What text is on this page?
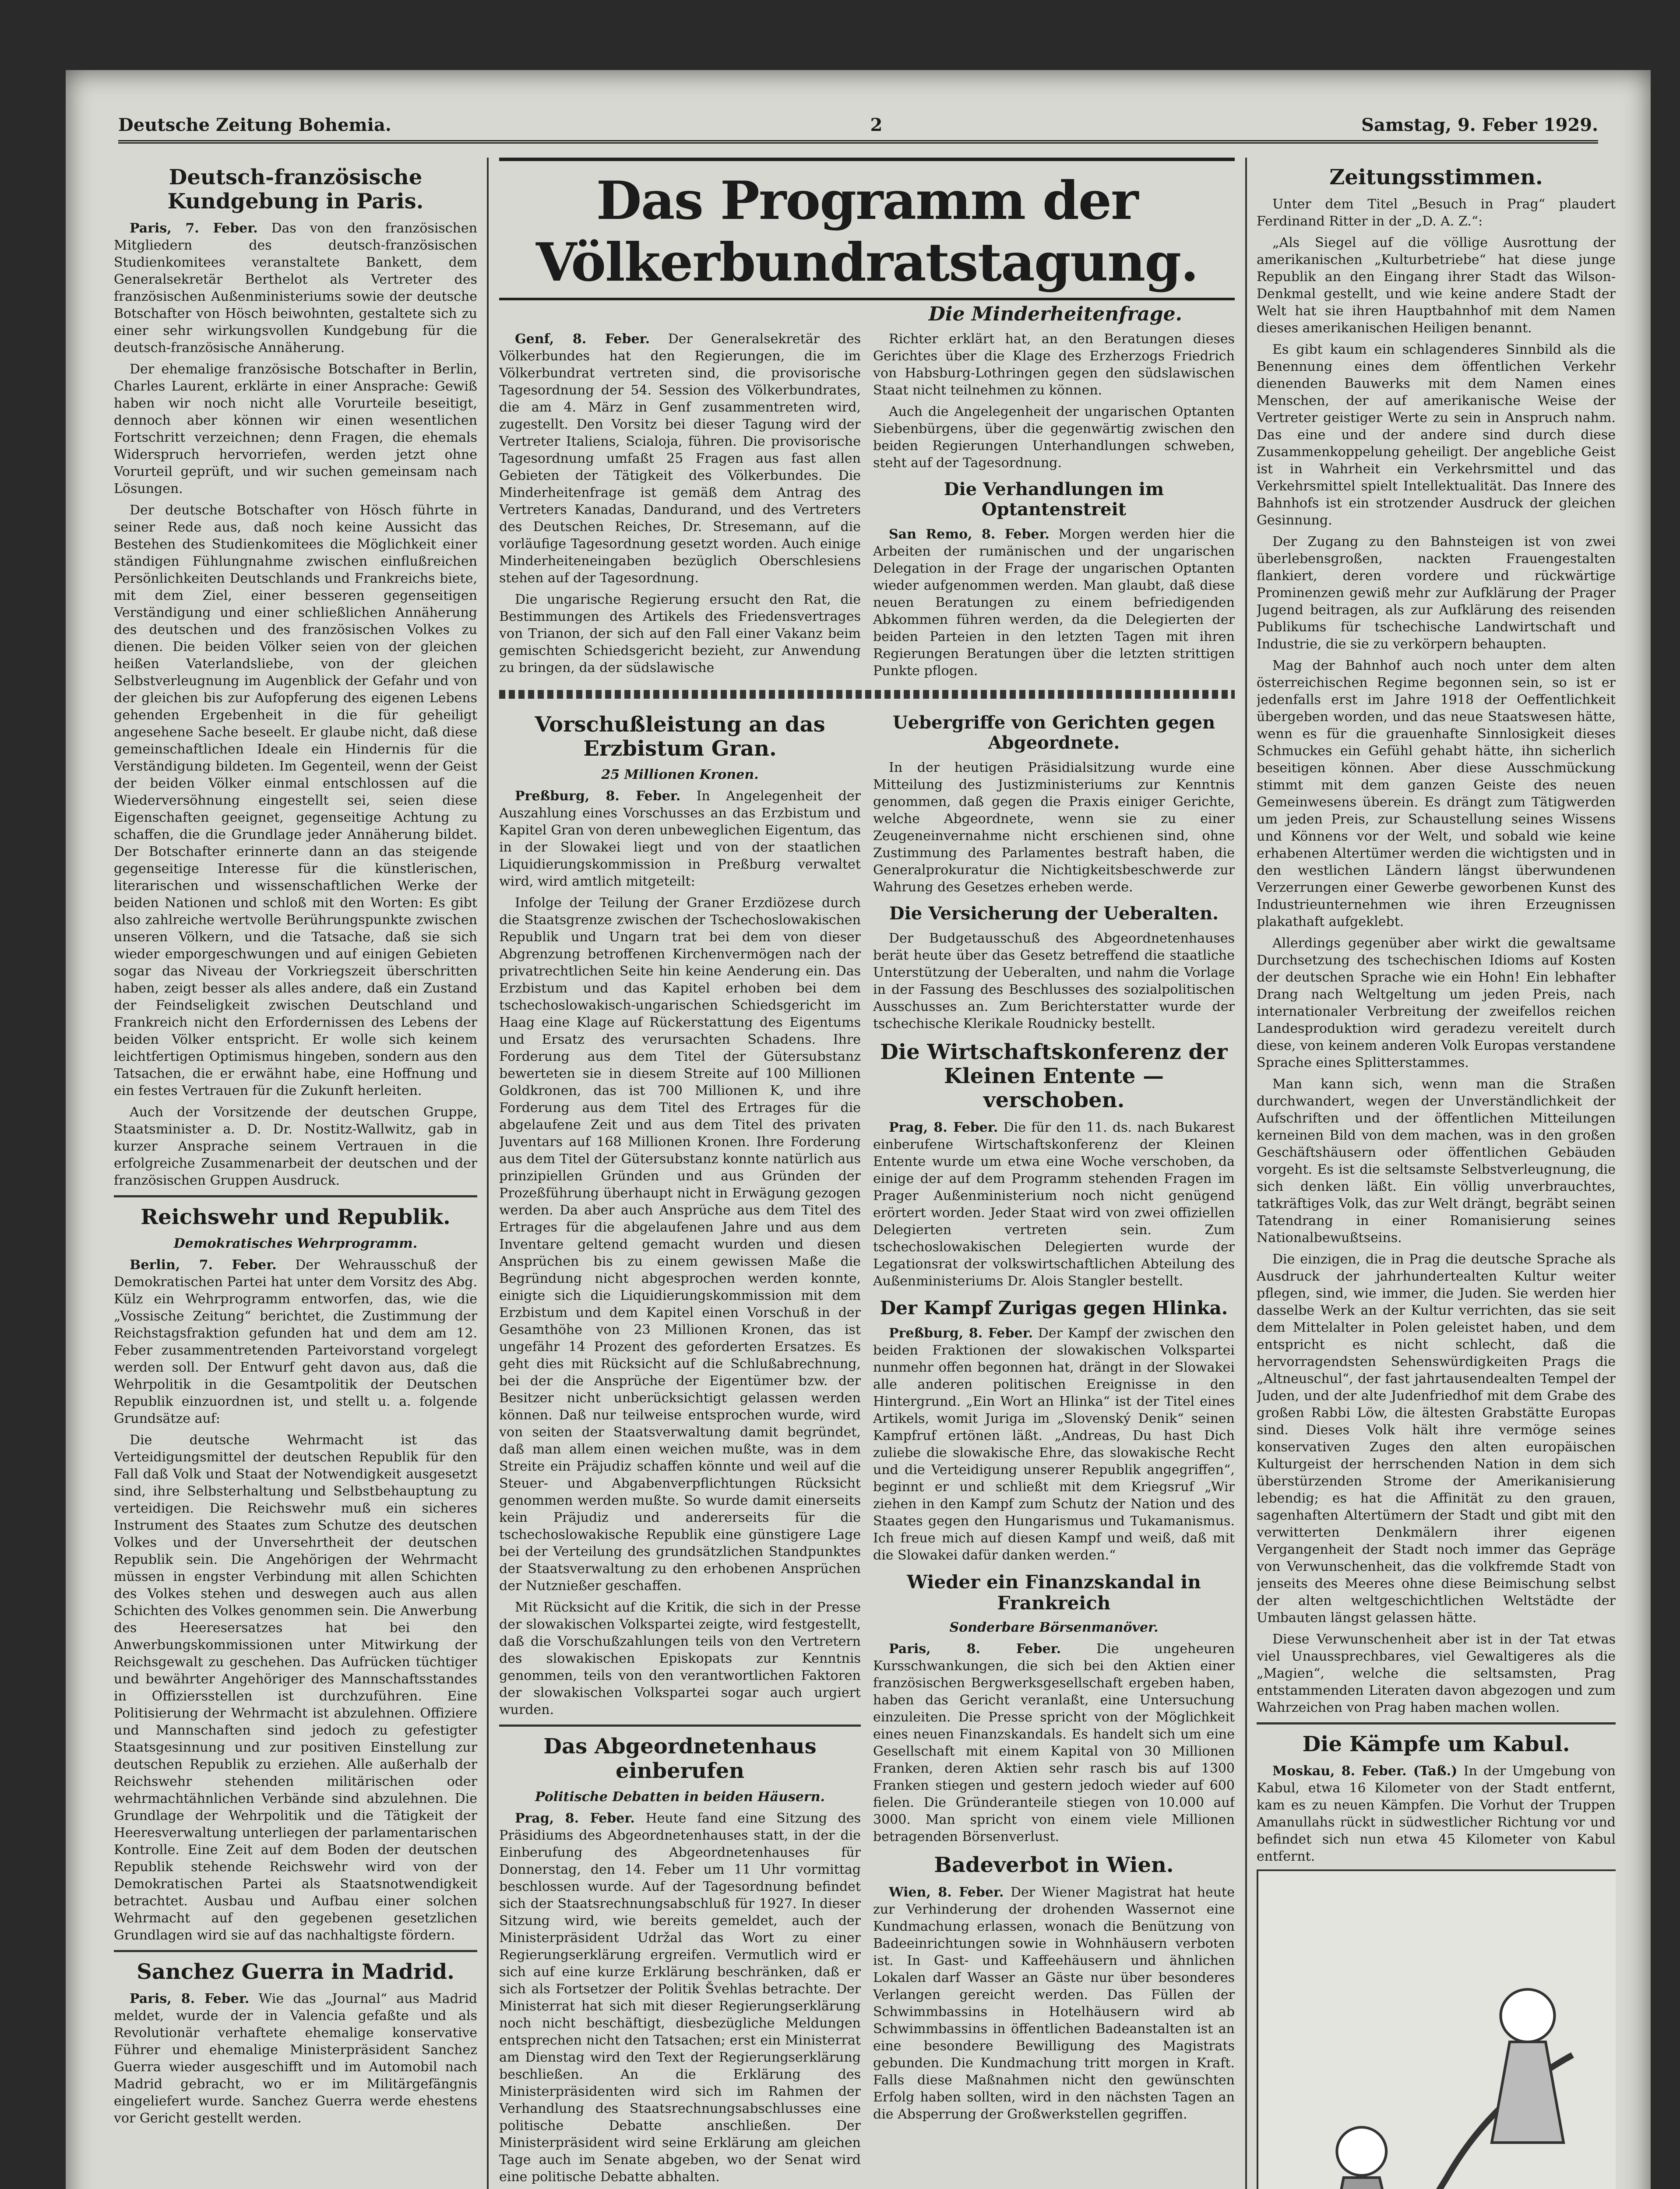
Deutsche Zeitung Bohemia.	2	Samstag, 9. Feber 1929.
Deutsch-französische Kundgebung in Paris.

Paris, 7. Feber. Das von den französischen Mitgliedern des deutsch-französischen Studienkomitees veranstaltete Bankett, dem Generalsekretär Berthelot als Vertreter des französischen Außenministeriums sowie der deutsche Botschafter von Hösch beiwohnten, gestaltete sich zu einer sehr wirkungsvollen Kundgebung für die deutsch-französische Annäherung.

Der ehemalige französische Botschafter in Berlin, Charles Laurent, erklärte in einer Ansprache: Gewiß haben wir noch nicht alle Vorurteile beseitigt, dennoch aber können wir einen wesentlichen Fortschritt verzeichnen; denn Fragen, die ehemals Widerspruch hervorriefen, werden jetzt ohne Vorurteil geprüft, und wir suchen gemeinsam nach Lösungen.

Der deutsche Botschafter von Hösch führte in seiner Rede aus, daß noch keine Aussicht das Bestehen des Studienkomitees die Möglichkeit einer ständigen Fühlungnahme zwischen einflußreichen Persönlichkeiten Deutschlands und Frankreichs biete, mit dem Ziel, einer besseren gegenseitigen Verständigung und einer schließlichen Annäherung des deutschen und des französischen Volkes zu dienen. Die beiden Völker seien von der gleichen heißen Vaterlandsliebe, von der gleichen Selbstverleugnung im Augenblick der Gefahr und von der gleichen bis zur Aufopferung des eigenen Lebens gehenden Ergebenheit in die für geheiligt angesehene Sache beseelt. Er glaube nicht, daß diese gemeinschaftlichen Ideale ein Hindernis für die Verständigung bildeten. Im Gegenteil, wenn der Geist der beiden Völker einmal entschlossen auf die Wiederversöhnung eingestellt sei, seien diese Eigenschaften geeignet, gegenseitige Achtung zu schaffen, die die Grundlage jeder Annäherung bildet. Der Botschafter erinnerte dann an das steigende gegenseitige Interesse für die künstlerischen, literarischen und wissenschaftlichen Werke der beiden Nationen und schloß mit den Worten: Es gibt also zahlreiche wertvolle Berührungspunkte zwischen unseren Völkern, und die Tatsache, daß sie sich wieder emporgeschwungen und auf einigen Gebieten sogar das Niveau der Vorkriegszeit überschritten haben, zeigt besser als alles andere, daß ein Zustand der Feindseligkeit zwischen Deutschland und Frankreich nicht den Erfordernissen des Lebens der beiden Völker entspricht. Er wolle sich keinem leichtfertigen Optimismus hingeben, sondern aus den Tatsachen, die er erwähnt habe, eine Hoffnung und ein festes Vertrauen für die Zukunft herleiten.

Auch der Vorsitzende der deutschen Gruppe, Staatsminister a. D. Dr. Nostitz-Wallwitz, gab in kurzer Ansprache seinem Vertrauen in die erfolgreiche Zusammenarbeit der deutschen und der französischen Gruppen Ausdruck.

Reichswehr und Republik.
Demokratisches Wehrprogramm.

Berlin, 7. Feber. Der Wehrausschuß der Demokratischen Partei hat unter dem Vorsitz des Abg. Külz ein Wehrprogramm entworfen, das, wie die „Vossische Zeitung“ berichtet, die Zustimmung der Reichstagsfraktion gefunden hat und dem am 12. Feber zusammentretenden Parteivorstand vorgelegt werden soll. Der Entwurf geht davon aus, daß die Wehrpolitik in die Gesamtpolitik der Deutschen Republik einzuordnen ist, und stellt u. a. folgende Grundsätze auf:

Die deutsche Wehrmacht ist das Verteidigungsmittel der deutschen Republik für den Fall daß Volk und Staat der Notwendigkeit ausgesetzt sind, ihre Selbsterhaltung und Selbstbehauptung zu verteidigen. Die Reichswehr muß ein sicheres Instrument des Staates zum Schutze des deutschen Volkes und der Unversehrtheit der deutschen Republik sein. Die Angehörigen der Wehrmacht müssen in engster Verbindung mit allen Schichten des Volkes stehen und deswegen auch aus allen Schichten des Volkes genommen sein. Die Anwerbung des Heeresersatzes hat bei den Anwerbungskommissionen unter Mitwirkung der Reichsgewalt zu geschehen. Das Aufrücken tüchtiger und bewährter Angehöriger des Mannschaftsstandes in Offiziersstellen ist durchzuführen. Eine Politisierung der Wehrmacht ist abzulehnen. Offiziere und Mannschaften sind jedoch zu gefestigter Staatsgesinnung und zur positiven Einstellung zur deutschen Republik zu erziehen. Alle außerhalb der Reichswehr stehenden militärischen oder wehrmachtähnlichen Verbände sind abzulehnen. Die Grundlage der Wehrpolitik und die Tätigkeit der Heeresverwaltung unterliegen der parlamentarischen Kontrolle. Eine Zeit auf dem Boden der deutschen Republik stehende Reichswehr wird von der Demokratischen Partei als Staatsnotwendigkeit betrachtet. Ausbau und Aufbau einer solchen Wehrmacht auf den gegebenen gesetzlichen Grundlagen wird sie auf das nachhaltigste fördern.

Sanchez Guerra in Madrid.

Paris, 8. Feber. Wie das „Journal“ aus Madrid meldet, wurde der in Valencia gefaßte und als Revolutionär verhaftete ehemalige konservative Führer und ehemalige Ministerpräsident Sanchez Guerra wieder ausgeschifft und im Automobil nach Madrid gebracht, wo er im Militärgefängnis eingeliefert wurde. Sanchez Guerra werde ehestens vor Gericht gestellt werden.

Das Programm der Völkerbundratstagung.
Die Minderheitenfrage.

Genf, 8. Feber. Der Generalsekretär des Völkerbundes hat den Regierungen, die im Völkerbundrat vertreten sind, die provisorische Tagesordnung der 54. Session des Völkerbundrates, die am 4. März in Genf zusammentreten wird, zugestellt. Den Vorsitz bei dieser Tagung wird der Vertreter Italiens, Scialoja, führen. Die provisorische Tagesordnung umfaßt 25 Fragen aus fast allen Gebieten der Tätigkeit des Völkerbundes. Die Minderheitenfrage ist gemäß dem Antrag des Vertreters Kanadas, Dandurand, und des Vertreters des Deutschen Reiches, Dr. Stresemann, auf die vorläufige Tagesordnung gesetzt worden. Auch einige Minderheiteneingaben bezüglich Oberschlesiens stehen auf der Tagesordnung.

Die ungarische Regierung ersucht den Rat, die Bestimmungen des Artikels des Friedensvertrages von Trianon, der sich auf den Fall einer Vakanz beim gemischten Schiedsgericht bezieht, zur Anwendung zu bringen, da der südslawische

Richter erklärt hat, an den Beratungen dieses Gerichtes über die Klage des Erzherzogs Friedrich von Habsburg-Lothringen gegen den südslawischen Staat nicht teilnehmen zu können.

Auch die Angelegenheit der ungarischen Optanten Siebenbürgens, über die gegenwärtig zwischen den beiden Regierungen Unterhandlungen schweben, steht auf der Tagesordnung.

Die Verhandlungen im Optantenstreit

San Remo, 8. Feber. Morgen werden hier die Arbeiten der rumänischen und der ungarischen Delegation in der Frage der ungarischen Optanten wieder aufgenommen werden. Man glaubt, daß diese neuen Beratungen zu einem befriedigenden Abkommen führen werden, da die Delegierten der beiden Parteien in den letzten Tagen mit ihren Regierungen Beratungen über die letzten strittigen Punkte pflogen.

Vorschußleistung an das Erzbistum Gran.
25 Millionen Kronen.

Preßburg, 8. Feber. In Angelegenheit der Auszahlung eines Vorschusses an das Erzbistum und Kapitel Gran von deren unbeweglichen Eigentum, das in der Slowakei liegt und von der staatlichen Liquidierungskommission in Preßburg verwaltet wird, wird amtlich mitgeteilt:

Infolge der Teilung der Graner Erzdiözese durch die Staatsgrenze zwischen der Tschechoslowakischen Republik und Ungarn trat bei dem von dieser Abgrenzung betroffenen Kirchenvermögen nach der privatrechtlichen Seite hin keine Aenderung ein. Das Erzbistum und das Kapitel erhoben bei dem tschechoslowakisch-ungarischen Schiedsgericht im Haag eine Klage auf Rückerstattung des Eigentums und Ersatz des verursachten Schadens. Ihre Forderung aus dem Titel der Gütersubstanz bewerteten sie in diesem Streite auf 100 Millionen Goldkronen, das ist 700 Millionen K, und ihre Forderung aus dem Titel des Ertrages für die abgelaufene Zeit und aus dem Titel des privaten Juventars auf 168 Millionen Kronen. Ihre Forderung aus dem Titel der Gütersubstanz konnte natürlich aus prinzipiellen Gründen und aus Gründen der Prozeßführung überhaupt nicht in Erwägung gezogen werden. Da aber auch Ansprüche aus dem Titel des Ertrages für die abgelaufenen Jahre und aus dem Inventare geltend gemacht wurden und diesen Ansprüchen bis zu einem gewissen Maße die Begründung nicht abgesprochen werden konnte, einigte sich die Liquidierungskommission mit dem Erzbistum und dem Kapitel einen Vorschuß in der Gesamthöhe von 23 Millionen Kronen, das ist ungefähr 14 Prozent des geforderten Ersatzes. Es geht dies mit Rücksicht auf die Schlußabrechnung, bei der die Ansprüche der Eigentümer bzw. der Besitzer nicht unberücksichtigt gelassen werden können. Daß nur teilweise entsprochen wurde, wird von seiten der Staatsverwaltung damit begründet, daß man allem einen weichen mußte, was in dem Streite ein Präjudiz schaffen könnte und weil auf die Steuer- und Abgabenverpflichtungen Rücksicht genommen werden mußte. So wurde damit einerseits kein Präjudiz und andererseits für die tschechoslowakische Republik eine günstigere Lage bei der Verteilung des grundsätzlichen Standpunktes der Staatsverwaltung zu den erhobenen Ansprüchen der Nutznießer geschaffen.

Mit Rücksicht auf die Kritik, die sich in der Presse der slowakischen Volkspartei zeigte, wird festgestellt, daß die Vorschußzahlungen teils von den Vertretern des slowakischen Episkopats zur Kenntnis genommen, teils von den verantwortlichen Faktoren der slowakischen Volkspartei sogar auch urgiert wurden.

Das Abgeordnetenhaus einberufen
Politische Debatten in beiden Häusern.

Prag, 8. Feber. Heute fand eine Sitzung des Präsidiums des Abgeordnetenhauses statt, in der die Einberufung des Abgeordnetenhauses für Donnerstag, den 14. Feber um 11 Uhr vormittag beschlossen wurde. Auf der Tagesordnung befindet sich der Staatsrechnungsabschluß für 1927. In dieser Sitzung wird, wie bereits gemeldet, auch der Ministerpräsident Udržal das Wort zu einer Regierungserklärung ergreifen. Vermutlich wird er sich auf eine kurze Erklärung beschränken, daß er sich als Fortsetzer der Politik Švehlas betrachte. Der Ministerrat hat sich mit dieser Regierungserklärung noch nicht beschäftigt, diesbezügliche Meldungen entsprechen nicht den Tatsachen; erst ein Ministerrat am Dienstag wird den Text der Regierungserklärung beschließen. An die Erklärung des Ministerpräsidenten wird sich im Rahmen der Verhandlung des Staatsrechnungsabschlusses eine politische Debatte anschließen. Der Ministerpräsident wird seine Erklärung am gleichen Tage auch im Senate abgeben, wo der Senat wird eine politische Debatte abhalten.

Uebergriffe von Gerichten gegen Abgeordnete.

In der heutigen Präsidialsitzung wurde eine Mitteilung des Justizministeriums zur Kenntnis genommen, daß gegen die Praxis einiger Gerichte, welche Abgeordnete, wenn sie zu einer Zeugeneinvernahme nicht erschienen sind, ohne Zustimmung des Parlamentes bestraft haben, die Generalprokuratur die Nichtigkeitsbeschwerde zur Wahrung des Gesetzes erheben werde.

Die Versicherung der Ueberalten.

Der Budgetausschuß des Abgeordnetenhauses berät heute über das Gesetz betreffend die staatliche Unterstützung der Ueberalten, und nahm die Vorlage in der Fassung des Beschlusses des sozialpolitischen Ausschusses an. Zum Berichterstatter wurde der tschechische Klerikale Roudnicky bestellt.

Die Wirtschaftskonferenz der Kleinen Entente — verschoben.

Prag, 8. Feber. Die für den 11. ds. nach Bukarest einberufene Wirtschaftskonferenz der Kleinen Entente wurde um etwa eine Woche verschoben, da einige der auf dem Programm stehenden Fragen im Prager Außenministerium noch nicht genügend erörtert worden. Jeder Staat wird von zwei offiziellen Delegierten vertreten sein. Zum tschechoslowakischen Delegierten wurde der Legationsrat der volkswirtschaftlichen Abteilung des Außenministeriums Dr. Alois Stangler bestellt.

Der Kampf Zurigas gegen Hlinka.

Preßburg, 8. Feber. Der Kampf der zwischen den beiden Fraktionen der slowakischen Volkspartei nunmehr offen begonnen hat, drängt in der Slowakei alle anderen politischen Ereignisse in den Hintergrund. „Ein Wort an Hlinka“ ist der Titel eines Artikels, womit Juriga im „Slovenský Denik“ seinen Kampfruf ertönen läßt. „Andreas, Du hast Dich zuliebe die slowakische Ehre, das slowakische Recht und die Verteidigung unserer Republik angegriffen“, beginnt er und schließt mit dem Kriegsruf „Wir ziehen in den Kampf zum Schutz der Nation und des Staates gegen den Hungarismus und Tukamanismus. Ich freue mich auf diesen Kampf und weiß, daß mit die Slowakei dafür danken werden.“

Wieder ein Finanzskandal in Frankreich
Sonderbare Börsenmanöver.

Paris, 8. Feber.	Die ungeheuren Kursschwankungen, die sich bei den Aktien einer französischen Bergwerksgesellschaft ergeben haben, haben das Gericht veranlaßt, eine Untersuchung einzuleiten. Die Presse spricht von der Möglichkeit eines neuen Finanzskandals. Es handelt sich um eine Gesellschaft mit einem Kapital von 30 Millionen Franken, deren Aktien sehr rasch bis auf 1300 Franken stiegen und gestern jedoch wieder auf 600 fielen. Die Gründeranteile stiegen von 10.000 auf 3000. Man spricht von einem viele Millionen betragenden Börsenverlust.

Badeverbot in Wien.

Wien, 8. Feber. Der Wiener Magistrat hat heute zur Verhinderung der drohenden Wassernot eine Kundmachung erlassen, wonach die Benützung von Badeeinrichtungen sowie in Wohnhäusern verboten ist. In Gast- und Kaffeehäusern und ähnlichen Lokalen darf Wasser an Gäste nur über besonderes Verlangen gereicht werden. Das Füllen der Schwimmbassins in Hotelhäusern wird ab Schwimmbassins in öffentlichen Badeanstalten ist an eine besondere Bewilligung des Magistrats gebunden. Die Kundmachung tritt morgen in Kraft. Falls diese Maßnahmen nicht den gewünschten Erfolg haben sollten, wird in den nächsten Tagen an die Absperrung der Großwerkstellen gegriffen.

Zeitungsstimmen.

Unter dem Titel „Besuch in Prag“ plaudert Ferdinand Ritter in der „D. A. Z.“:

„Als Siegel auf die völlige Ausrottung der amerikanischen „Kulturbetriebe“ hat diese junge Republik an den Eingang ihrer Stadt das Wilson-Denkmal gestellt, und wie keine andere Stadt der Welt hat sie ihren Hauptbahnhof mit dem Namen dieses amerikanischen Heiligen benannt.

Es gibt kaum ein schlagenderes Sinnbild als die Benennung eines dem öffentlichen Verkehr dienenden Bauwerks mit dem Namen eines Menschen, der auf amerikanische Weise der Vertreter geistiger Werte zu sein in Anspruch nahm. Das eine und der andere sind durch diese Zusammenkoppelung geheiligt. Der angebliche Geist ist in Wahrheit ein Verkehrsmittel und das Verkehrsmittel spielt Intellektualität. Das Innere des Bahnhofs ist ein strotzender Ausdruck der gleichen Gesinnung.

Der Zugang zu den Bahnsteigen ist von zwei überlebensgroßen, nackten Frauengestalten flankiert, deren vordere und rückwärtige Prominenzen gewiß mehr zur Aufklärung der Prager Jugend beitragen, als zur Aufklärung des reisenden Publikums für tschechische Landwirtschaft und Industrie, die sie zu verkörpern behaupten.

Mag der Bahnhof auch noch unter dem alten österreichischen Regime begonnen sein, so ist er jedenfalls erst im Jahre 1918 der Oeffentlichkeit übergeben worden, und das neue Staatswesen hätte, wenn es für die grauenhafte Sinnlosigkeit dieses Schmuckes ein Gefühl gehabt hätte, ihn sicherlich beseitigen können. Aber diese Ausschmückung stimmt mit dem ganzen Geiste des neuen Gemeinwesens überein. Es drängt zum Tätigwerden um jeden Preis, zur Schaustellung seines Wissens und Könnens vor der Welt, und sobald wie keine erhabenen Altertümer werden die wichtigsten und in den westlichen Ländern längst überwundenen Verzerrungen einer Gewerbe geworbenen Kunst des Industrieunternehmen wie ihren Erzeugnissen plakathaft aufgeklebt.

Allerdings gegenüber aber wirkt die gewaltsame Durchsetzung des tschechischen Idioms auf Kosten der deutschen Sprache wie ein Hohn! Ein lebhafter Drang nach Weltgeltung um jeden Preis, nach internationaler Verbreitung der zweifellos reichen Landesproduktion wird geradezu vereitelt durch diese, von keinem anderen Volk Europas verstandene Sprache eines Splitterstammes.

Man kann sich, wenn man die Straßen durchwandert, wegen der Unverständlichkeit der Aufschriften und der öffentlichen Mitteilungen kerneinen Bild von dem machen, was in den großen Geschäftshäusern oder öffentlichen Gebäuden vorgeht. Es ist die seltsamste Selbstverleugnung, die sich denken läßt. Ein völlig unverbrauchtes, tatkräftiges Volk, das zur Welt drängt, begräbt seinen Tatendrang in einer Romanisierung seines Nationalbewußtseins.

Die einzigen, die in Prag die deutsche Sprache als Ausdruck der jahrhundertealten Kultur weiter pflegen, sind, wie immer, die Juden. Sie werden hier dasselbe Werk an der Kultur verrichten, das sie seit dem Mittelalter in Polen geleistet haben, und dem entspricht es nicht schlecht, daß die hervorragendsten Sehenswürdigkeiten Prags die „Altneuschul“, der fast jahrtausendealten Tempel der Juden, und der alte Judenfriedhof mit dem Grabe des großen Rabbi Löw, die ältesten Grabstätte Europas sind. Dieses Volk hält ihre vermöge seines konservativen Zuges den alten europäischen Kulturgeist der herrschenden Nation in dem sich überstürzenden Strome der Amerikanisierung lebendig; es hat die Affinität zu den grauen, sagenhaften Altertümern der Stadt und gibt mit den verwitterten Denkmälern ihrer eigenen Vergangenheit der Stadt noch immer das Gepräge von Verwunschenheit, das die volkfremde Stadt von jenseits des Meeres ohne diese Beimischung selbst der alten weltgeschichtlichen Weltstädte der Umbauten längst gelassen hätte.

Diese Verwunschenheit aber ist in der Tat etwas viel Unaussprechbares, viel Gewaltigeres als die „Magien“, welche die seltsamsten, Prag entstammenden Literaten davon abgezogen und zum Wahrzeichen von Prag haben machen wollen.

Die Kämpfe um Kabul.

Moskau, 8. Feber. (Taß.) In der Umgebung von Kabul, etwa 16 Kilometer von der Stadt entfernt, kam es zu neuen Kämpfen. Die Vorhut der Truppen Amanullahs rückt in südwestlicher Richtung vor und befindet sich nun etwa 45 Kilometer von Kabul entfernt.
